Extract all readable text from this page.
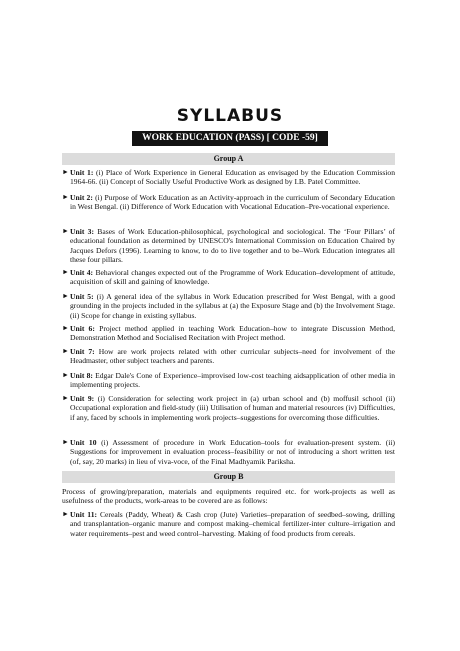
SYLLABUS
WORK EDUCATION (PASS) [ CODE -59]
Group A
► Unit 1: (i) Place of Work Experience in General Education as envisaged by the Education Commission 1964-66. (ii) Concept of Socially Useful Productive Work as designed by I.B. Patel Committee.
► Unit 2: (i) Purpose of Work Education as an Activity-approach in the curriculum of Secondary Education in West Bengal. (ii) Difference of Work Education with Vocational Education–Pre-vocational experience.
► Unit 3: Bases of Work Education-philosophical, psychological and sociological. The ‘Four Pillars’ of educational foundation as determined by UNESCO's International Commission on Education Chaired by Jacques Defors (1996). Learning to know, to do to live together and to be–Work Education integrates all these four pillars.
► Unit 4: Behavioral changes expected out of the Programme of Work Education–development of attitude, acquisition of skill and gaining of knowledge.
► Unit 5: (i) A general idea of the syllabus in Work Education prescribed for West Bengal, with a good grounding in the projects included in the syllabus at (a) the Exposure Stage and (b) the Involvement Stage. (ii) Scope for change in existing syllabus.
► Unit 6: Project method applied in teaching Work Education–how to integrate Discussion Method, Demonstration Method and Socialised Recitation with Project method.
► Unit 7: How are work projects related with other curricular subjects–need for involvement of the Headmaster, other subject teachers and parents.
► Unit 8: Edgar Dale's Cone of Experience–improvised low-cost teaching aidsapplication of other media in implementing projects.
► Unit 9: (i) Consideration for selecting work project in (a) urban school and (b) moffusil school (ii) Occupational exploration and field-study (iii) Utilisation of human and material resources (iv) Difficulties, if any, faced by schools in implementing work projects–suggestions for overcoming those difficulties.
► Unit 10 (i) Assessment of procedure in Work Education–tools for evaluation-present system. (ii) Suggestions for improvement in evaluation process–feasibility or not of introducing a short written test (of, say, 20 marks) in lieu of viva-voce, of the Final Madhyamik Pariksha.
Group B
Process of growing/preparation, materials and equipments required etc. for work-projects as well as usefulness of the products, work-areas to be covered are as follows:
► Unit 11: Cereals (Paddy, Wheat) & Cash crop (Jute) Varieties–preparation of seedbed–sowing, drilling and transplantation–organic manure and compost making–chemical fertilizer-inter culture–irrigation and water requirements–pest and weed control–harvesting. Making of food products from cereals.
